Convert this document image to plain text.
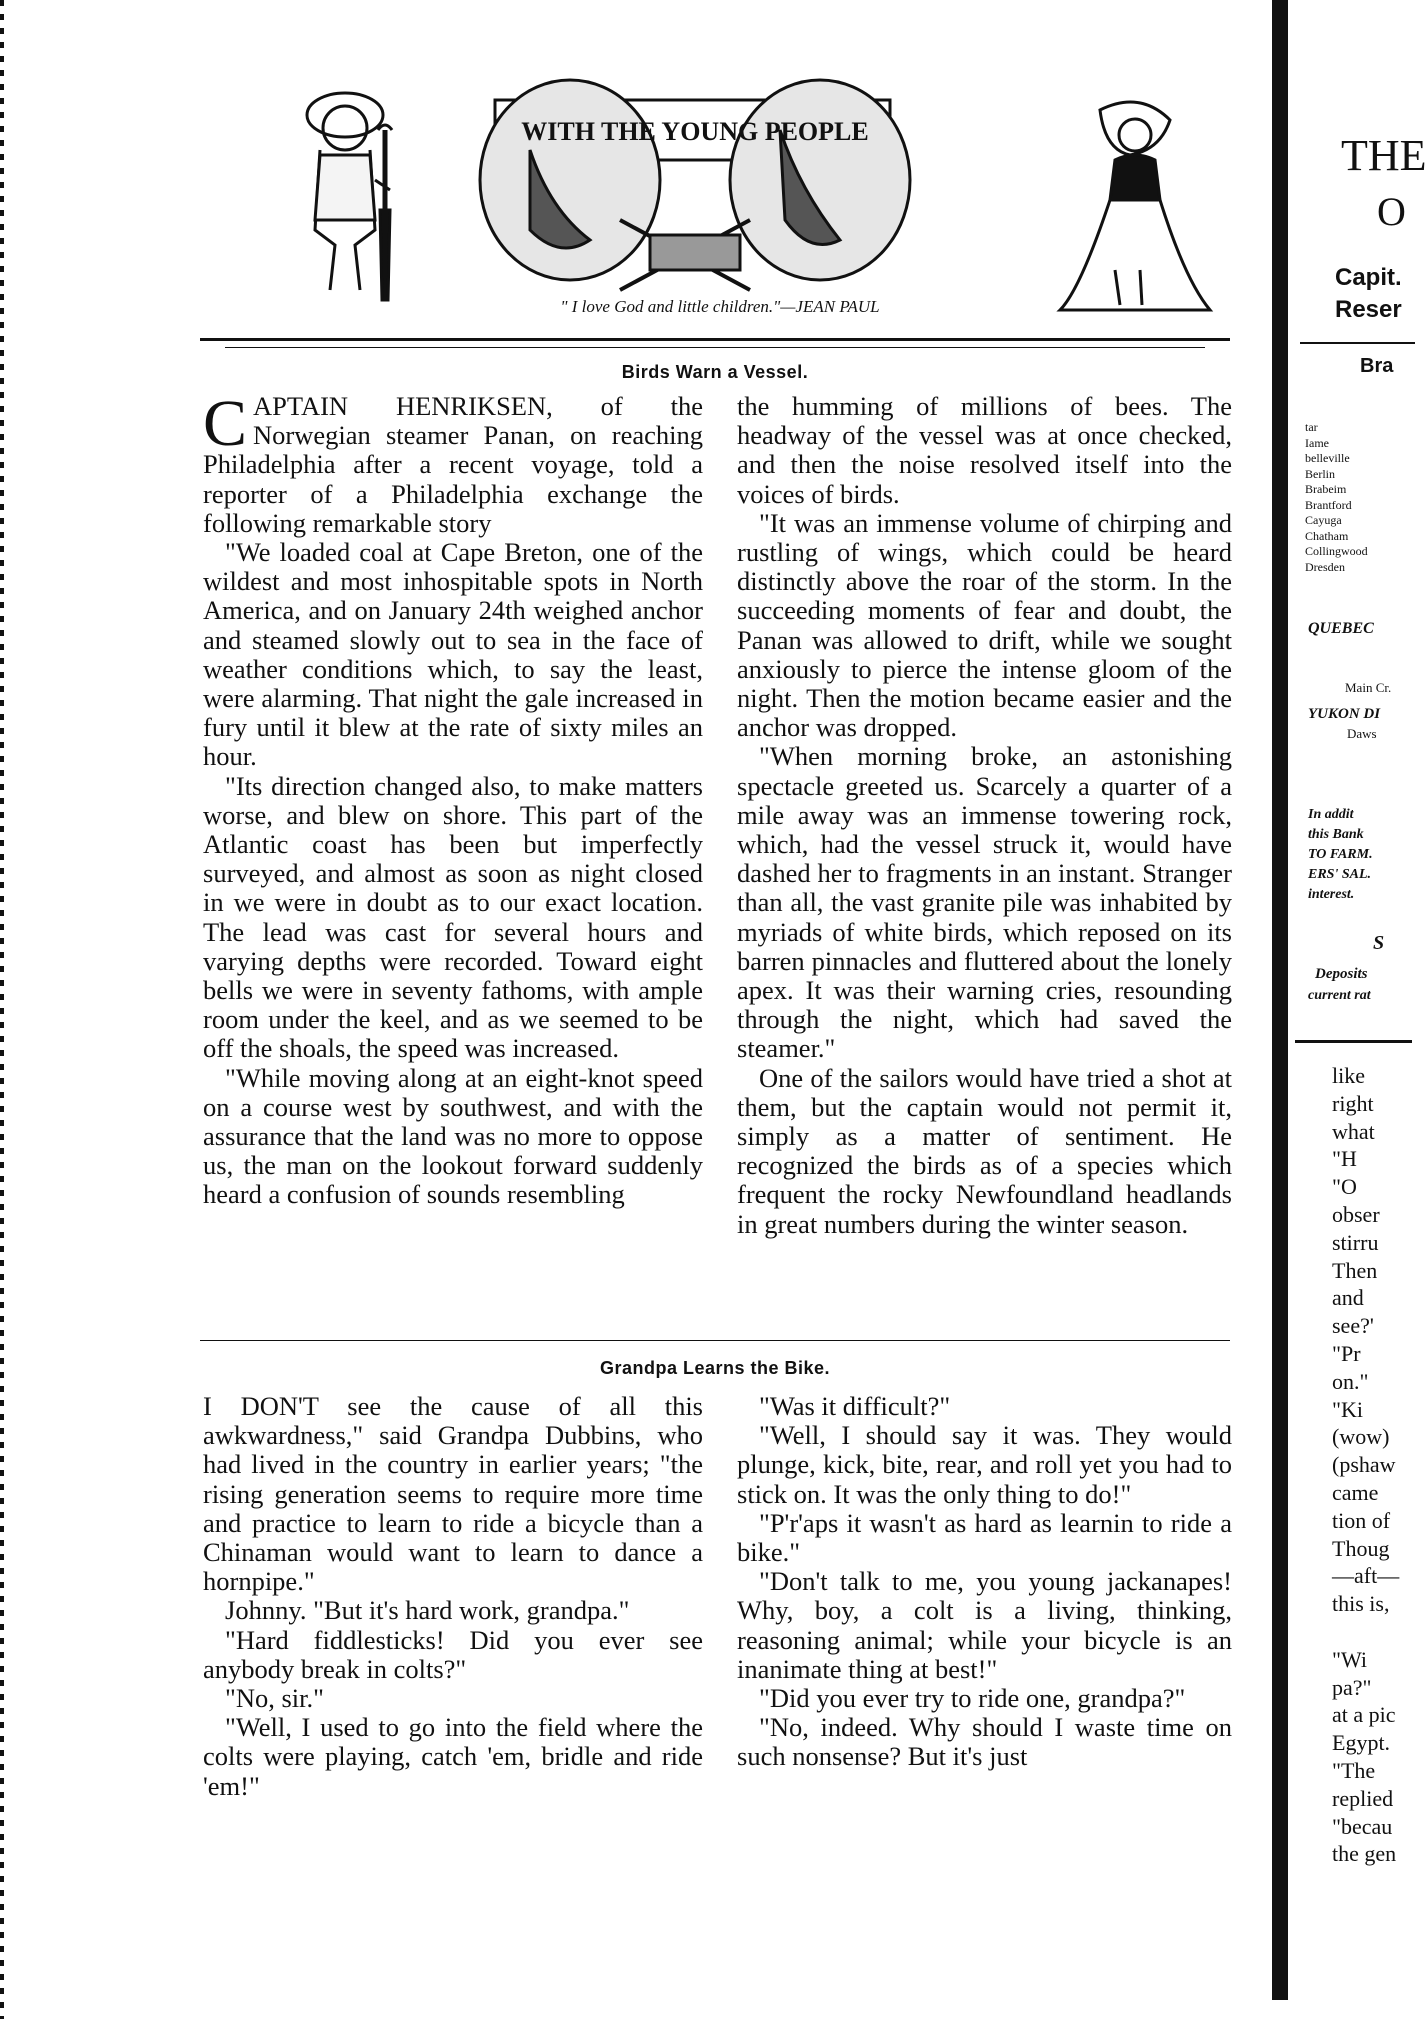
WITH THE YOUNG PEOPLE
" I love God and little children."—JEAN PAUL
Birds Warn a Vessel.

CAPTAIN HENRIKSEN, of the Norwegian steamer Panan, on reaching Philadelphia after a recent voyage, told a reporter of a Philadelphia exchange the following remarkable story

"We loaded coal at Cape Breton, one of the wildest and most inhospitable spots in North America, and on January 24th weighed anchor and steamed slowly out to sea in the face of weather conditions which, to say the least, were alarming. That night the gale increased in fury until it blew at the rate of sixty miles an hour.

"Its direction changed also, to make matters worse, and blew on shore. This part of the Atlantic coast has been but imperfectly surveyed, and almost as soon as night closed in we were in doubt as to our exact location. The lead was cast for several hours and varying depths were recorded. Toward eight bells we were in seventy fathoms, with ample room under the keel, and as we seemed to be off the shoals, the speed was increased.

"While moving along at an eight-knot speed on a course west by southwest, and with the assurance that the land was no more to oppose us, the man on the lookout forward suddenly heard a confusion of sounds resembling

the humming of millions of bees. The headway of the vessel was at once checked, and then the noise resolved itself into the voices of birds.

"It was an immense volume of chirping and rustling of wings, which could be heard distinctly above the roar of the storm. In the succeeding moments of fear and doubt, the Panan was allowed to drift, while we sought anxiously to pierce the intense gloom of the night. Then the motion became easier and the anchor was dropped.

"When morning broke, an astonishing spectacle greeted us. Scarcely a quarter of a mile away was an immense towering rock, which, had the vessel struck it, would have dashed her to fragments in an instant. Stranger than all, the vast granite pile was inhabited by myriads of white birds, which reposed on its barren pinnacles and fluttered about the lonely apex. It was their warning cries, resounding through the night, which had saved the steamer."

One of the sailors would have tried a shot at them, but the captain would not permit it, simply as a matter of sentiment. He recognized the birds as of a species which frequent the rocky Newfoundland headlands in great numbers during the winter season.

Grandpa Learns the Bike.

I DON'T see the cause of all this awkwardness," said Grandpa Dubbins, who had lived in the country in earlier years; "the rising generation seems to require more time and practice to learn to ride a bicycle than a Chinaman would want to learn to dance a hornpipe."

Johnny. "But it's hard work, grandpa."

"Hard fiddlesticks! Did you ever see anybody break in colts?"

"No, sir."

"Well, I used to go into the field where the colts were playing, catch 'em, bridle and ride 'em!"

"Was it difficult?"

"Well, I should say it was. They would plunge, kick, bite, rear, and roll yet you had to stick on. It was the only thing to do!"

"P'r'aps it wasn't as hard as learnin to ride a bike."

"Don't talk to me, you young jackanapes! Why, boy, a colt is a living, thinking, reasoning animal; while your bicycle is an inanimate thing at best!"

"Did you ever try to ride one, grandpa?"

"No, indeed. Why should I waste time on such nonsense? But it's just

THE
O
Capit.
Reser
Bra

tar

Iame

belleville

Berlin

Brabeim

Brantford

Cayuga

Chatham

Collingwood

Dresden

QUEBEC
Main Cr.
YUKON DI
Daws

In addit

this Bank

TO FARM.

ERS' SAL.

interest.

S
Deposits
current rat

like

right

what

"H

"O

obser

stirru

Then

and

see?'

"Pr

on."

"Ki

(wow)

(pshaw

came

tion of

Thoug

—aft—

this is,

"Wi

pa?"

at a pic

Egypt.

"The

replied

"becau

the gen
